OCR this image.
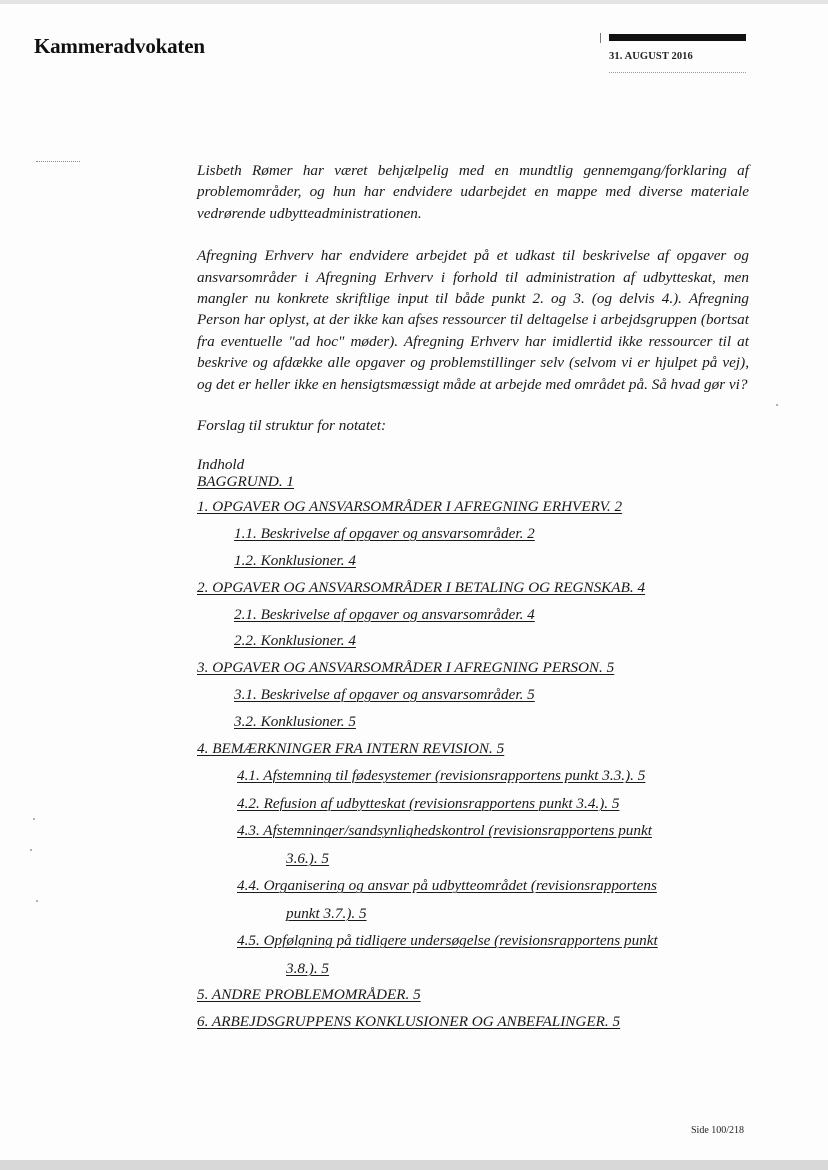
Kammeradvokaten	31. AUGUST 2016

Lisbeth Rømer har været behjælpelig med en mundtlig gennemgang/forklaring af problemområder, og hun har endvidere udarbejdet en mappe med diverse materiale vedrørende udbytteadministrationen.

Afregning Erhverv har endvidere arbejdet på et udkast til beskrivelse af opgaver og ansvarsområder i Afregning Erhverv i forhold til administration af udbytteskat, men mangler nu konkrete skriftlige input til både punkt 2. og 3. (og delvis 4.). Afregning Person har oplyst, at der ikke kan afses ressourcer til deltagelse i arbejdsgruppen (bortsat fra eventuelle "ad hoc" møder). Afregning Erhverv har imidlertid ikke ressourcer til at beskrive og afdække alle opgaver og problemstillinger selv (selvom vi er hjulpet på vej), og det er heller ikke en hensigtsmæssigt måde at arbejde med området på. Så hvad gør vi?

Forslag til struktur for notatet:

Indhold

BAGGRUND. 1
1. OPGAVER OG ANSVARSOMRÅDER I AFREGNING ERHVERV. 2
1.1. Beskrivelse af opgaver og ansvarsområder. 2
1.2. Konklusioner. 4
2. OPGAVER OG ANSVARSOMRÅDER I BETALING OG REGNSKAB. 4
2.1. Beskrivelse af opgaver og ansvarsområder. 4
2.2. Konklusioner. 4
3. OPGAVER OG ANSVARSOMRÅDER I AFREGNING PERSON. 5
3.1. Beskrivelse af opgaver og ansvarsområder. 5
3.2. Konklusioner. 5
4. BEMÆRKNINGER FRA INTERN REVISION. 5
4.1. Afstemning til fødesystemer (revisionsrapportens punkt 3.3.). 5
4.2. Refusion af udbytteskat (revisionsrapportens punkt 3.4.). 5
4.3. Afstemninger/sandsynlighedskontrol (revisionsrapportens punkt
3.6.). 5
4.4. Organisering og ansvar på udbytteområdet (revisionsrapportens
punkt 3.7.). 5
4.5. Opfølgning på tidligere undersøgelse (revisionsrapportens punkt
3.8.). 5
5. ANDRE PROBLEMOMRÅDER. 5
6. ARBEJDSGRUPPENS KONKLUSIONER OG ANBEFALINGER. 5
Side 100/218
